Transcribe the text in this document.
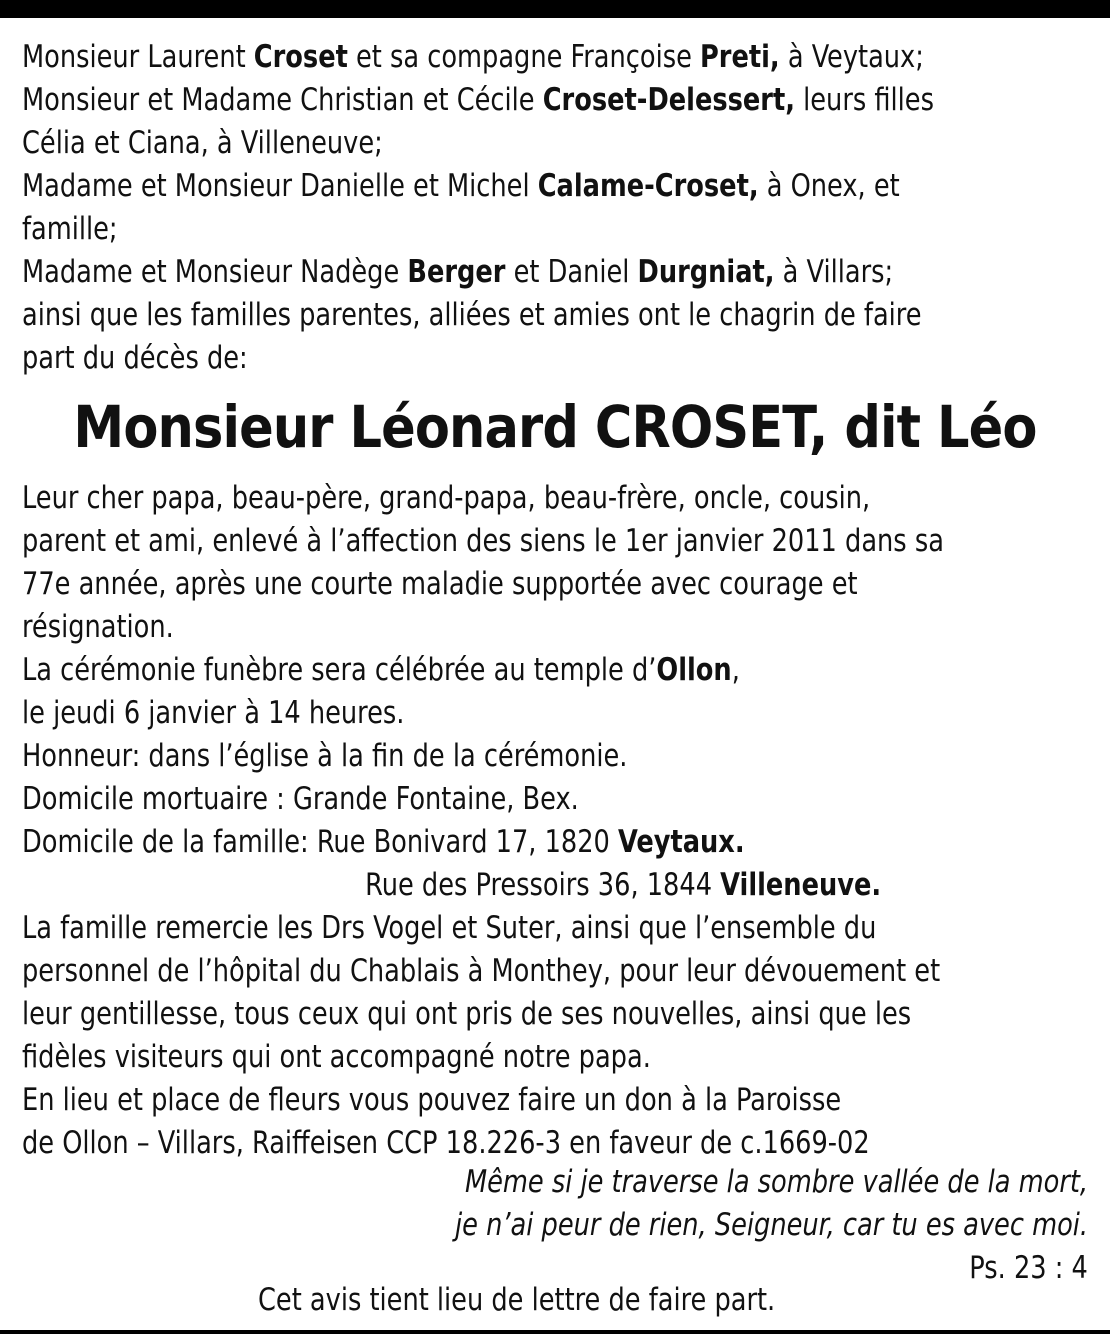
Monsieur Laurent Croset et sa compagne Françoise Preti, à Veytaux;
Monsieur et Madame Christian et Cécile Croset-Delessert, leurs filles
Célia et Ciana, à Villeneuve;
Madame et Monsieur Danielle et Michel Calame-Croset, à Onex, et
famille;
Madame et Monsieur Nadège Berger et Daniel Durgniat, à Villars;
ainsi que les familles parentes, alliées et amies ont le chagrin de faire
part du décès de:
Monsieur Léonard CROSET, dit Léo
Leur cher papa, beau-père, grand-papa, beau-frère, oncle, cousin,
parent et ami, enlevé à l’affection des siens le 1er janvier 2011 dans sa
77e année, après une courte maladie supportée avec courage et
résignation.
La cérémonie funèbre sera célébrée au temple d’Ollon,
le jeudi 6 janvier à 14 heures.
Honneur: dans l’église à la fin de la cérémonie.
Domicile mortuaire : Grande Fontaine, Bex.
Domicile de la famille: Rue Bonivard 17, 1820 Veytaux.
Rue des Pressoirs 36, 1844 Villeneuve.
La famille remercie les Drs Vogel et Suter, ainsi que l’ensemble du
personnel de l’hôpital du Chablais à Monthey, pour leur dévouement et
leur gentillesse, tous ceux qui ont pris de ses nouvelles, ainsi que les
fidèles visiteurs qui ont accompagné notre papa.
En lieu et place de fleurs vous pouvez faire un don à la Paroisse
de Ollon – Villars, Raiffeisen CCP 18.226-3 en faveur de c.1669-02
Même si je traverse la sombre vallée de la mort,
je n’ai peur de rien, Seigneur, car tu es avec moi.
Ps. 23 : 4
Cet avis tient lieu de lettre de faire part.
